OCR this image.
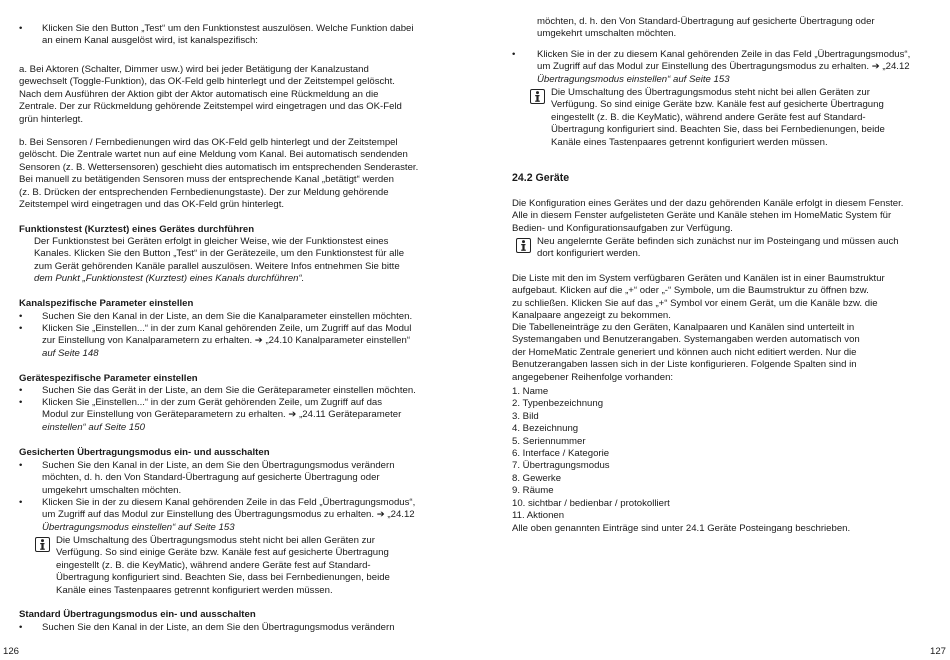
• Klicken Sie den Button „Test“ um den Funktionstest auszulösen. Welche Funktion dabei
an einem Kanal ausgelöst wird, ist kanalspezifisch:
a. Bei Aktoren (Schalter, Dimmer usw.) wird bei jeder Betätigung der Kanalzustand
gewechselt (Toggle-Funktion), das OK-Feld gelb hinterlegt und der Zeitstempel gelöscht.
Nach dem Ausführen der Aktion gibt der Aktor automatisch eine Rückmeldung an die
Zentrale. Der zur Rückmeldung gehörende Zeitstempel wird eingetragen und das OK-Feld
grün hinterlegt.
b. Bei Sensoren / Fernbedienungen wird das OK-Feld gelb hinterlegt und der Zeitstempel
gelöscht. Die Zentrale wartet nun auf eine Meldung vom Kanal. Bei automatisch sendenden
Sensoren (z. B. Wettersensoren) geschieht dies automatisch im entsprechenden Senderaster.
Bei manuell zu betätigenden Sensoren muss der entsprechende Kanal „betätigt“ werden
(z. B. Drücken der entsprechenden Fernbedienungstaste). Der zur Meldung gehörende
Zeitstempel wird eingetragen und das OK-Feld grün hinterlegt.
Funktionstest (Kurztest) eines Gerätes durchführen
Der Funktionstest bei Geräten erfolgt in gleicher Weise, wie der Funktionstest eines
Kanales. Klicken Sie den Button „Test“ in der Gerätezeile, um den Funktionstest für alle
zum Gerät gehörenden Kanäle parallel auszulösen. Weitere Infos entnehmen Sie bitte
dem Punkt „Funktionstest (Kurztest) eines Kanals durchführen“.
Kanalspezifische Parameter einstellen
• Suchen Sie den Kanal in der Liste, an dem Sie die Kanalparameter einstellen möchten.
• Klicken Sie „Einstellen...“ in der zum Kanal gehörenden Zeile, um Zugriff auf das Modul
zur Einstellung von Kanalparametern zu erhalten. ➔ „24.10 Kanalparameter einstellen“
auf Seite 148
Gerätespezifische Parameter einstellen
• Suchen Sie das Gerät in der Liste, an dem Sie die Geräteparameter einstellen möchten.
• Klicken Sie „Einstellen...“ in der zum Gerät gehörenden Zeile, um Zugriff auf das
Modul zur Einstellung von Geräteparametern zu erhalten. ➔ „24.11 Geräteparameter
einstellen“ auf Seite 150
Gesicherten Übertragungsmodus ein- und ausschalten
• Suchen Sie den Kanal in der Liste, an dem Sie den Übertragungsmodus verändern
möchten, d. h. den Von Standard-Übertragung auf gesicherte Übertragung oder
umgekehrt umschalten möchten.
• Klicken Sie in der zu diesem Kanal gehörenden Zeile in das Feld „Übertragungsmodus“,
um Zugriff auf das Modul zur Einstellung des Übertragungsmodus zu erhalten. ➔ „24.12
Übertragungsmodus einstellen“ auf Seite 153
Die Umschaltung des Übertragungsmodus steht nicht bei allen Geräten zur
Verfügung. So sind einige Geräte bzw. Kanäle fest auf gesicherte Übertragung
eingestellt (z. B. die KeyMatic), während andere Geräte fest auf Standard-
Übertragung konfiguriert sind. Beachten Sie, dass bei Fernbedienungen, beide
Kanäle eines Tastenpaares getrennt konfiguriert werden müssen.
Standard Übertragungsmodus ein- und ausschalten
• Suchen Sie den Kanal in der Liste, an dem Sie den Übertragungsmodus verändern
126
möchten, d. h. den Von Standard-Übertragung auf gesicherte Übertragung oder
umgekehrt umschalten möchten.
• Klicken Sie in der zu diesem Kanal gehörenden Zeile in das Feld „Übertragungsmodus“,
um Zugriff auf das Modul zur Einstellung des Übertragungsmodus zu erhalten. ➔ „24.12
Übertragungsmodus einstellen“ auf Seite 153
Die Umschaltung des Übertragungsmodus steht nicht bei allen Geräten zur
Verfügung. So sind einige Geräte bzw. Kanäle fest auf gesicherte Übertragung
eingestellt (z. B. die KeyMatic), während andere Geräte fest auf Standard-
Übertragung konfiguriert sind. Beachten Sie, dass bei Fernbedienungen, beide
Kanäle eines Tastenpaares getrennt konfiguriert werden müssen.
24.2 Geräte
Die Konfiguration eines Gerätes und der dazu gehörenden Kanäle erfolgt in diesem Fenster.
Alle in diesem Fenster aufgelisteten Geräte und Kanäle stehen im HomeMatic System für
Bedien- und Konfigurationsaufgaben zur Verfügung.
Neu angelernte Geräte befinden sich zunächst nur im Posteingang und müssen auch
dort konfiguriert werden.
Die Liste mit den im System verfügbaren Geräten und Kanälen ist in einer Baumstruktur
aufgebaut. Klicken auf die „+“ oder „-“ Symbole, um die Baumstruktur zu öffnen bzw.
zu schließen. Klicken Sie auf das „+“ Symbol vor einem Gerät, um die Kanäle bzw. die
Kanalpaare angezeigt zu bekommen.
Die Tabelleneinträge zu den Geräten, Kanalpaaren und Kanälen sind unterteilt in
Systemangaben und Benutzerangaben. Systemangaben werden automatisch von
der HomeMatic Zentrale generiert und können auch nicht editiert werden. Nur die
Benutzerangaben lassen sich in der Liste konfigurieren. Folgende Spalten sind in
angegebener Reihenfolge vorhanden:
1. Name
2. Typenbezeichnung
3. Bild
4. Bezeichnung
5. Seriennummer
6. Interface / Kategorie
7. Übertragungsmodus
8. Gewerke
9. Räume
10. sichtbar / bedienbar / protokolliert
11. Aktionen
Alle oben genannten Einträge sind unter 24.1 Geräte Posteingang beschrieben.
127
